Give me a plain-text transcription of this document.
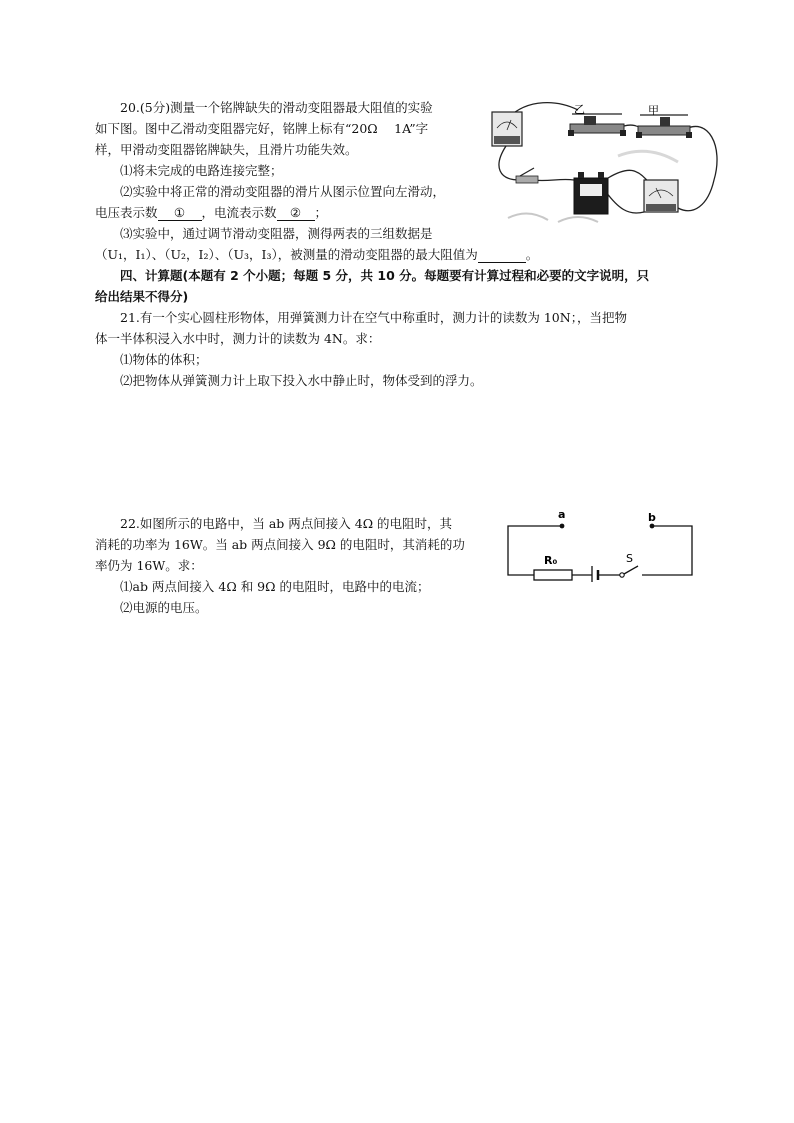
20.(5分)测量一个铭牌缺失的滑动变阻器最大阻值的实验
如下图。图中乙滑动变阻器完好，铭牌上标有“20Ω　 1A”字
样，甲滑动变阻器铭牌缺失，且滑片功能失效。
⑴将未完成的电路连接完整；
⑵实验中将正常的滑动变阻器的滑片从图示位置向左滑动，
电压表示数 ① ，电流表示数 ② ；
⑶实验中，通过调节滑动变阻器，测得两表的三组数据是
（U₁，I₁）、（U₂，I₂）、（U₃，I₃），被测量的滑动变阻器的最大阻值为	。
乙	甲
四、计算题(本题有 2 个小题；每题 5 分，共 10 分。每题要有计算过程和必要的文字说明，只
给出结果不得分)
21.有一个实心圆柱形物体，用弹簧测力计在空气中称重时，测力计的读数为 10N；，当把物
体一半体积浸入水中时，测力计的读数为 4N。求：
⑴物体的体积；
⑵把物体从弹簧测力计上取下投入水中静止时，物体受到的浮力。
22.如图所示的电路中，当 ab 两点间接入 4Ω 的电阻时，其
消耗的功率为 16W。当 ab 两点间接入 9Ω 的电阻时，其消耗的功
率仍为 16W。求：
⑴ab 两点间接入 4Ω 和 9Ω 的电阻时，电路中的电流；
⑵电源的电压。
a	b
R₀	S
